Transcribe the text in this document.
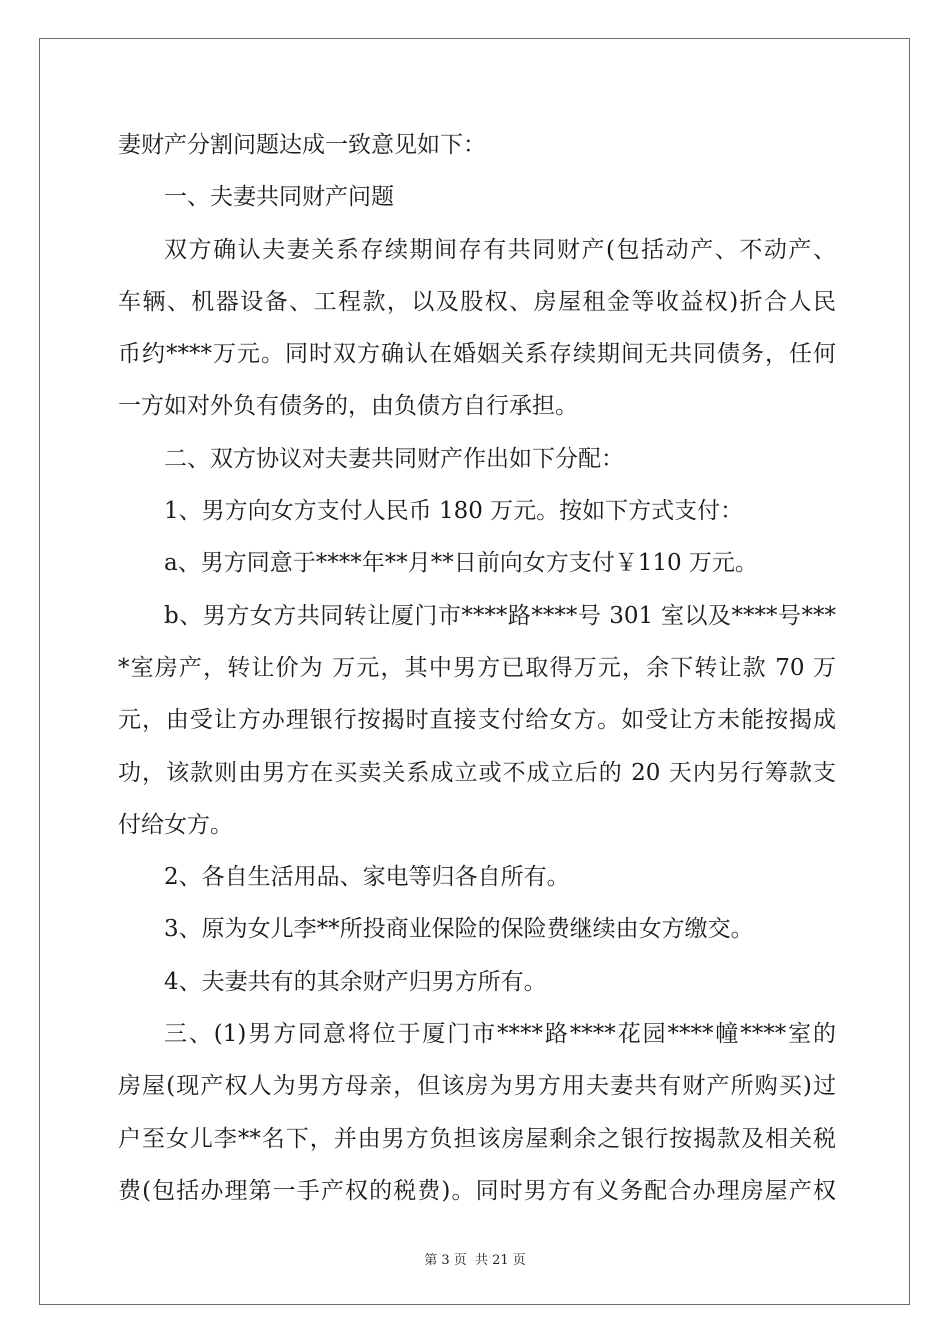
妻财产分割问题达成一致意见如下：
一、夫妻共同财产问题
双方确认夫妻关系存续期间存有共同财产(包括动产、不动产、
车辆、机器设备、工程款，以及股权、房屋租金等收益权)折合人民
币约****万元。同时双方确认在婚姻关系存续期间无共同债务，任何
一方如对外负有债务的，由负债方自行承担。
二、双方协议对夫妻共同财产作出如下分配：
1、男方向女方支付人民币 180 万元。按如下方式支付：
a、男方同意于****年**月**日前向女方支付￥110 万元。
b、男方女方共同转让厦门市****路****号 301 室以及****号***
*室房产，转让价为 万元，其中男方已取得万元，余下转让款 70 万
元，由受让方办理银行按揭时直接支付给女方。如受让方未能按揭成
功，该款则由男方在买卖关系成立或不成立后的 20 天内另行筹款支
付给女方。
2、各自生活用品、家电等归各自所有。
3、原为女儿李**所投商业保险的保险费继续由女方缴交。
4、夫妻共有的其余财产归男方所有。
三、(1)男方同意将位于厦门市****路****花园****幢****室的
房屋(现产权人为男方母亲，但该房为男方用夫妻共有财产所购买)过
户至女儿李**名下，并由男方负担该房屋剩余之银行按揭款及相关税
费(包括办理第一手产权的税费)。同时男方有义务配合办理房屋产权
第 3 页 共 21 页
